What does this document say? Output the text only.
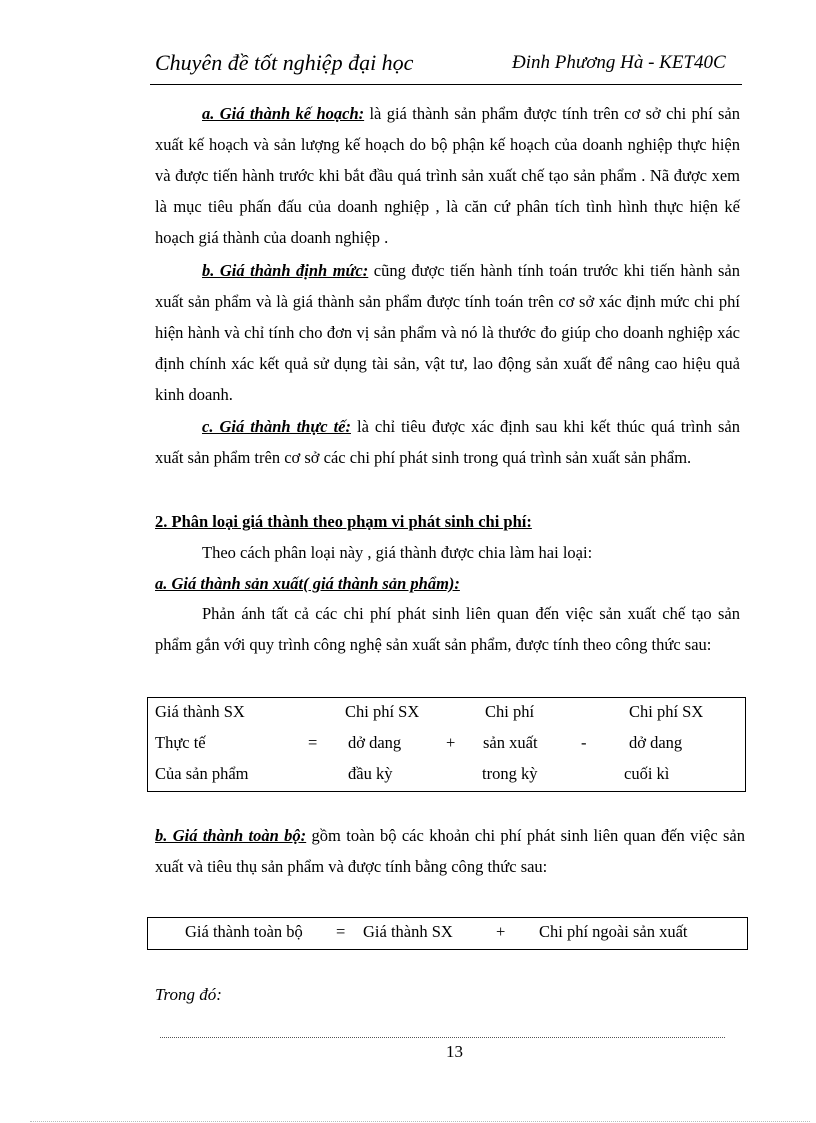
Chuyên đề tốt nghiệp đại học	Đinh Phương Hà - KET40C
a. Giá thành kế hoạch: là giá thành sản phẩm được tính trên cơ sở chi phí sản xuất kế hoạch và sản lượng kế hoạch do bộ phận kế hoạch của doanh nghiệp thực hiện và được tiến hành trước khi bắt đầu quá trình sản xuất chế tạo sản phẩm . Nã được xem là mục tiêu phấn đấu của doanh nghiệp , là căn cứ phân tích tình hình thực hiện kế hoạch giá thành của doanh nghiệp .
b. Giá thành định mức: cũng được tiến hành tính toán trước khi tiến hành sản xuất sản phẩm và là giá thành sản phẩm được tính toán trên cơ sở xác định mức chi phí hiện hành và chỉ tính cho đơn vị sản phẩm và nó là thước đo giúp cho doanh nghiệp xác định chính xác kết quả sử dụng tài sản, vật tư, lao động sản xuất để nâng cao hiệu quả kinh doanh.
c. Giá thành thực tế: là chỉ tiêu được xác định sau khi kết thúc quá trình sản xuất sản phẩm trên cơ sở các chi phí phát sinh trong quá trình sản xuất sản phẩm.
2. Phân loại giá thành theo phạm vi phát sinh chi phí:
Theo cách phân loại này , giá thành được chia làm hai loại:
a. Giá thành sản xuất( giá thành sản phẩm):
Phản ánh tất cả các chi phí phát sinh liên quan đến việc sản xuất chế tạo sản phẩm gắn với quy trình công nghệ sản xuất sản phẩm, được tính theo công thức sau:
Giá thành SX
Thực tế
Của sản phẩm
=
Chi phí SX
dở dang
đầu kỳ
+
Chi phí
sản xuất
trong kỳ
-
Chi phí SX
dở dang
cuối kì
b. Giá thành toàn bộ: gồm toàn bộ các khoản chi phí phát sinh liên quan đến việc sản xuất và tiêu thụ sản phẩm và được tính bằng công thức sau:
Giá thành toàn bộ = Giá thành SX	+ Chi phí ngoài sản xuất
Trong đó:
13
